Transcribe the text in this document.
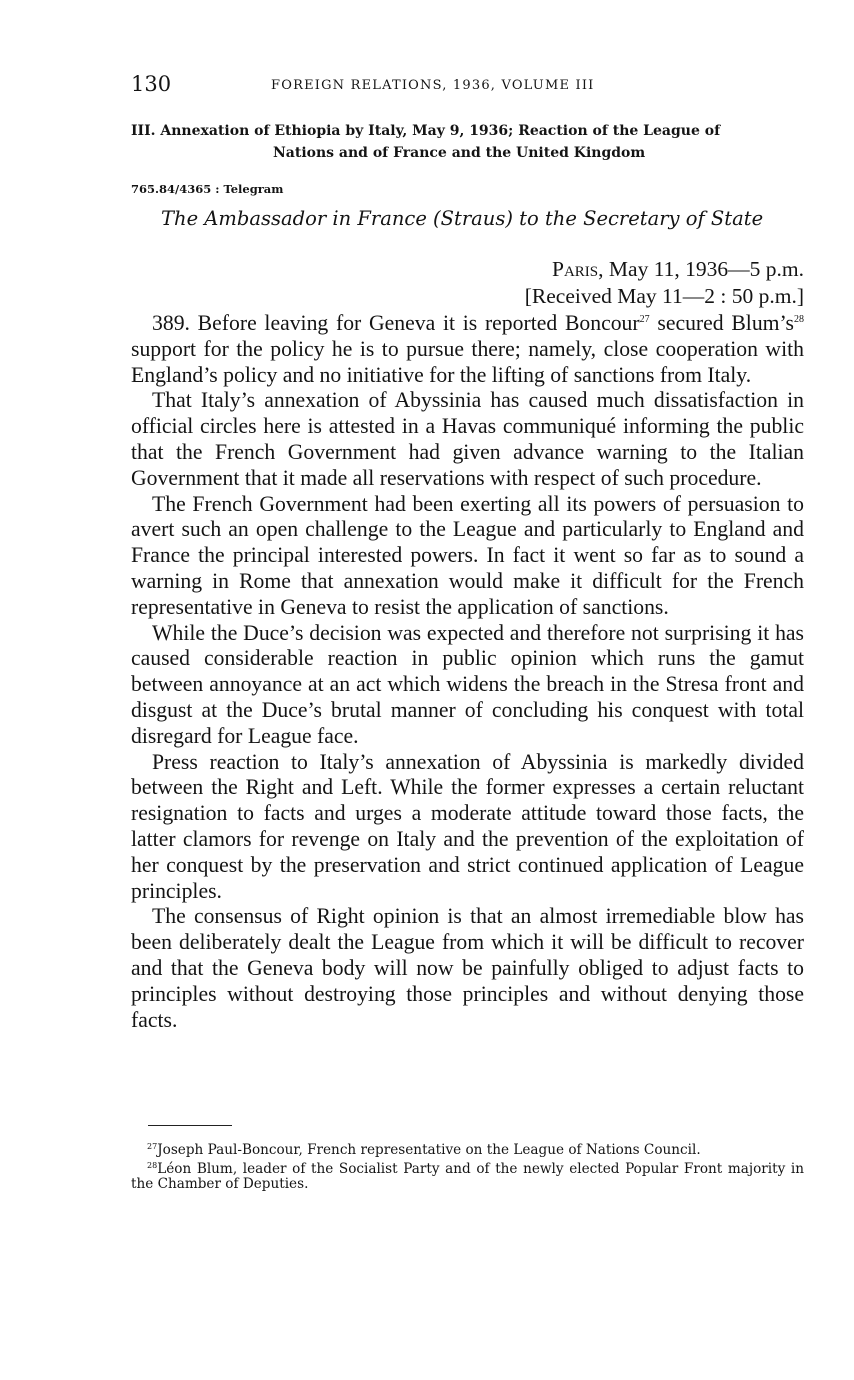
130	FOREIGN RELATIONS, 1936, VOLUME III
III. Annexation of Ethiopia by Italy, May 9, 1936; Reaction of the League of
Nations and of France and the United Kingdom
765.84/4365 : Telegram
The Ambassador in France (Straus) to the Secretary of State
Paris, May 11, 1936—5 p.m.
[Received May 11—2 : 50 p.m.]

389. Before leaving for Geneva it is reported Boncour$^{27}$ secured $Blum’s^{28}$ support for the policy he is to pursue there; namely, close cooperation with England’s policy and no initiative for the lifting of sanctions from Italy.

That Italy’s annexation of Abyssinia has caused much dissatisfaction in official circles here is attested in a Havas communiqué informing the public that the French Government had given advance warning to the Italian Government that it made all reservations with respect of such procedure.

The French Government had been exerting all its powers of persuasion to avert such an open challenge to the League and particularly to England and France the principal interested powers. In fact it went so far as to sound a warning in Rome that annexation would make it difficult for the French representative in Geneva to resist the application of sanctions.

While the Duce’s decision was expected and therefore not surprising it has caused considerable reaction in public opinion which runs the gamut between annoyance at an act which widens the breach in the Stresa front and disgust at the Duce’s brutal manner of concluding his conquest with total disregard for League face.

Press reaction to Italy’s annexation of Abyssinia is markedly divided between the Right and Left. While the former expresses a certain reluctant resignation to facts and urges a moderate attitude toward those facts, the latter clamors for revenge on Italy and the prevention of the exploitation of her conquest by the preservation and strict continued application of League principles.

The consensus of Right opinion is that an almost irremediable blow has been deliberately dealt the League from which it will be difficult to recover and that the Geneva body will now be painfully obliged to adjust facts to principles without destroying those principles and without denying those facts.

$^{27}$Joseph Paul-Boncour, French representative on the League of Nations Council.

$^{28}$Léon Blum, leader of the Socialist Party and of the newly elected Popular Front majority in the Chamber of Deputies.
